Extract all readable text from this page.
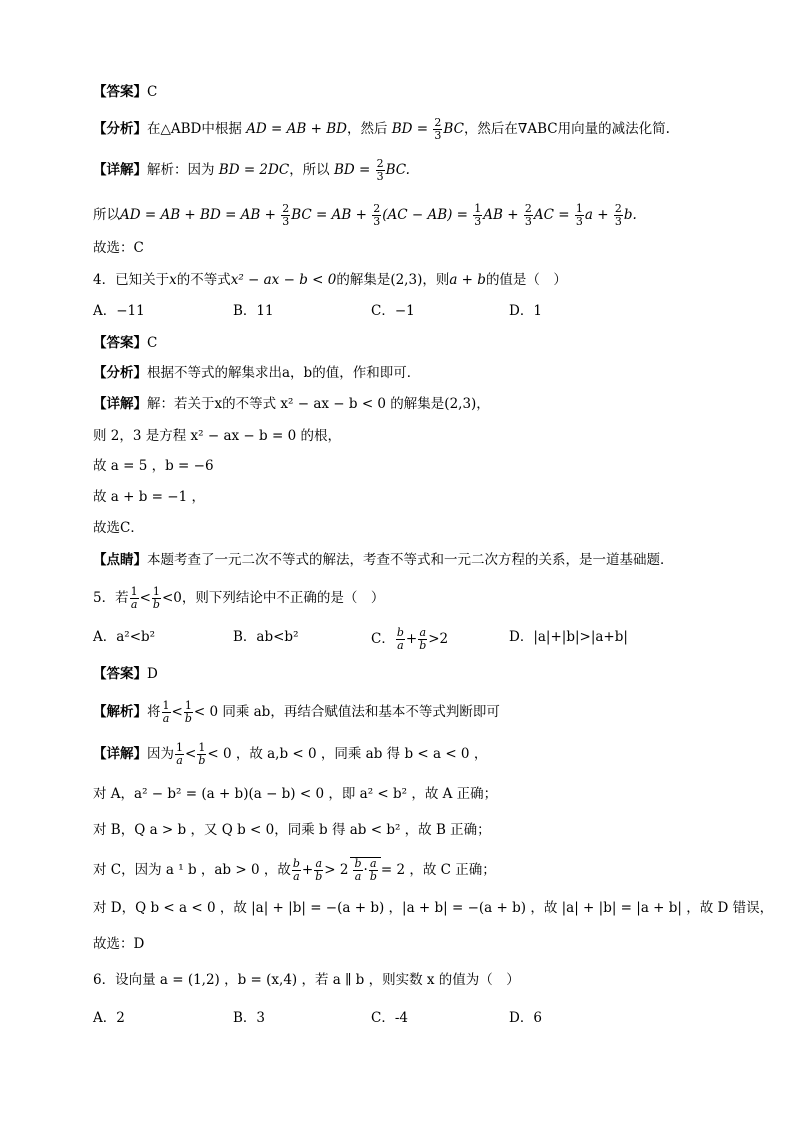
【答案】C
【分析】在△ABD中根据 AD = AB + BD，然后 BD = $\frac{2}{3}$ BC，然后在∇ABC用向量的减法化简.
【详解】解析：因为 BD = 2DC，所以 BD = $\frac{2}{3}$ BC.
所以AD = AB + BD = AB + $\frac{2}{3}$ BC = AB + $\frac{2}{3} (AC - AB) = \frac{1}{3}$ AB + $\frac{2}{3}$ AC = $\frac{1}{3}$ $a + \frac{2}{3} b$.
故选：C
4．已知关于x的不等式x² − ax − b < 0的解集是(2,3)，则a + b的值是（　）
A．−11	B．11	C．−1	D．1
【答案】C
【分析】根据不等式的解集求出a，b的值，作和即可．
【详解】解：若关于x的不等式 x² − ax − b < 0 的解集是(2,3)，
则 2，3 是方程 x² − ax − b = 0 的根，
故 a = 5 ，b = −6
故 a + b = −1 ，
故选C．
【点睛】本题考查了一元二次不等式的解法，考查不等式和一元二次方程的关系，是一道基础题．
5．若 $\frac{1}{a} < \frac{1}{b} <0$，则下列结论中不正确的是（　）
A．a²<b²	B．ab<b²	C． $\frac{b}{a} + \frac{a}{b} >2$	D．|a|+|b|>|a+b|
【答案】D
【解析】将 $\frac{1}{a} < \frac{1}{b} < 0$ 同乘 ab，再结合赋值法和基本不等式判断即可
【详解】因为 $\frac{1}{a} < \frac{1}{b} < 0$ ，故 a,b < 0 ，同乘 ab 得 b < a < 0 ，
对 A，a² − b² = (a + b)(a − b) < 0 ，即 a² < b² ，故 A 正确；
对 B，Q a > b ，又 Q b < 0，同乘 b 得 ab < b² ，故 B 正确；
对 C，因为 a ¹ b ，ab > 0 ，故 $\frac{b}{a} + \frac{a}{b} > 2 \frac{b}{a} \cdot \frac{a}{b} = 2$ ，故 C 正确；
对 D，Q b < a < 0 ，故 |a| + |b| = −(a + b) ，|a + b| = −(a + b) ，故 |a| + |b| = |a + b| ，故 D 错误，
故选：D
6．设向量 a = (1,2) ，b = (x,4) ，若 a ∥ b ，则实数 x 的值为（　）
A．2	B．3	C．-4	D．6
